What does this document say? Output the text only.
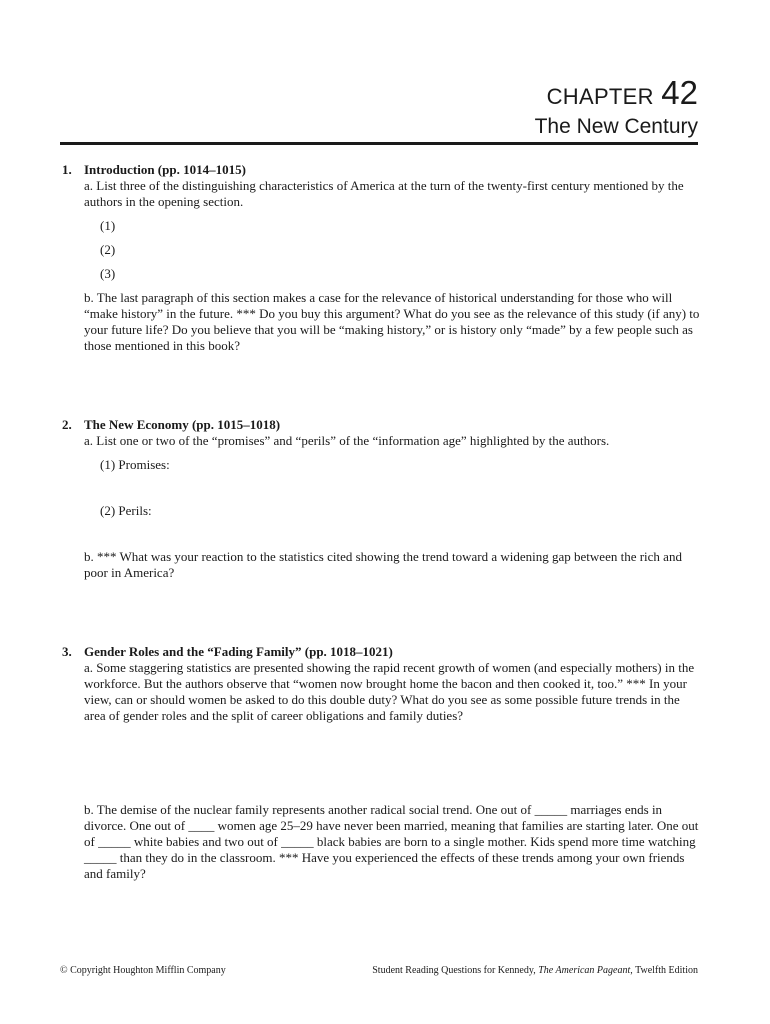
CHAPTER 42
The New Century
1. Introduction (pp. 1014–1015)

a. List three of the distinguishing characteristics of America at the turn of the twenty-first century mentioned by the authors in the opening section.

(1)
(2)
(3)

b. The last paragraph of this section makes a case for the relevance of historical understanding for those who will “make history” in the future. *** Do you buy this argument? What do you see as the relevance of this study (if any) to your future life? Do you believe that you will be “making history,” or is history only “made” by a few people such as those mentioned in this book?

2. The New Economy (pp. 1015–1018)

a. List one or two of the “promises” and “perils” of the “information age” highlighted by the authors.

(1) Promises:
(2) Perils:

b. *** What was your reaction to the statistics cited showing the trend toward a widening gap between the rich and poor in America?

3. Gender Roles and the “Fading Family” (pp. 1018–1021)

a. Some staggering statistics are presented showing the rapid recent growth of women (and especially mothers) in the workforce. But the authors observe that “women now brought home the bacon and then cooked it, too.” *** In your view, can or should women be asked to do this double duty? What do you see as some possible future trends in the area of gender roles and the split of career obligations and family duties?

b. The demise of the nuclear family represents another radical social trend. One out of _____ marriages ends in divorce. One out of ____ women age 25–29 have never been married, meaning that families are starting later. One out of _____ white babies and two out of _____ black babies are born to a single mother. Kids spend more time watching _____ than they do in the classroom. *** Have you experienced the effects of these trends among your own friends and family?

© Copyright Houghton Mifflin Company	Student Reading Questions for Kennedy, The American Pageant, Twelfth Edition
